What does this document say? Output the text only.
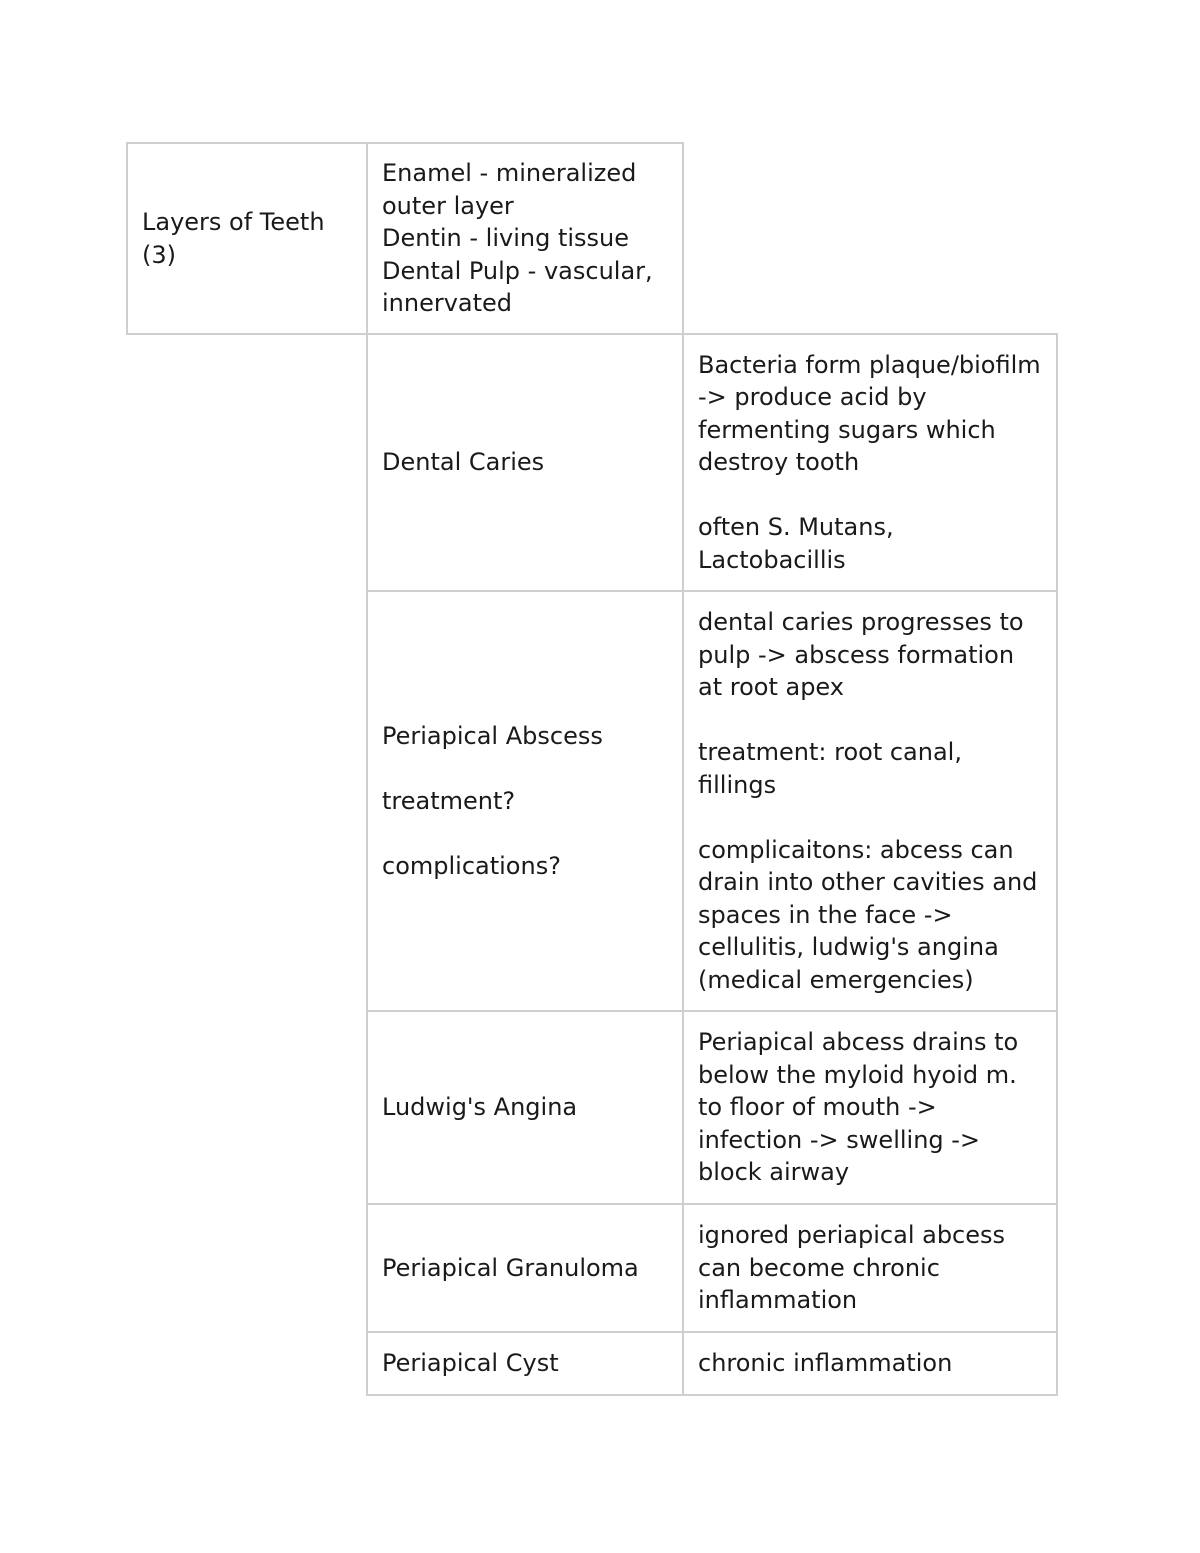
Layers of Teeth (3)
Enamel - mineralized outer layer
Dentin - living tissue
Dental Pulp - vascular, innervated
Dental Caries
Bacteria form plaque/biofilm -> produce acid by fermenting sugars which destroy tooth
often S. Mutans, Lactobacillis
Periapical Abscess
treatment?
complications?
dental caries progresses to pulp -> abscess formation at root apex
treatment: root canal, fillings
complicaitons: abcess can drain into other cavities and spaces in the face -> cellulitis, ludwig's angina (medical emergencies)
Ludwig's Angina
Periapical abcess drains to below the myloid hyoid m. to floor of mouth -> infection -> swelling -> block airway
Periapical Granuloma
ignored periapical abcess can become chronic inflammation
Periapical Cyst	chronic inflammation
